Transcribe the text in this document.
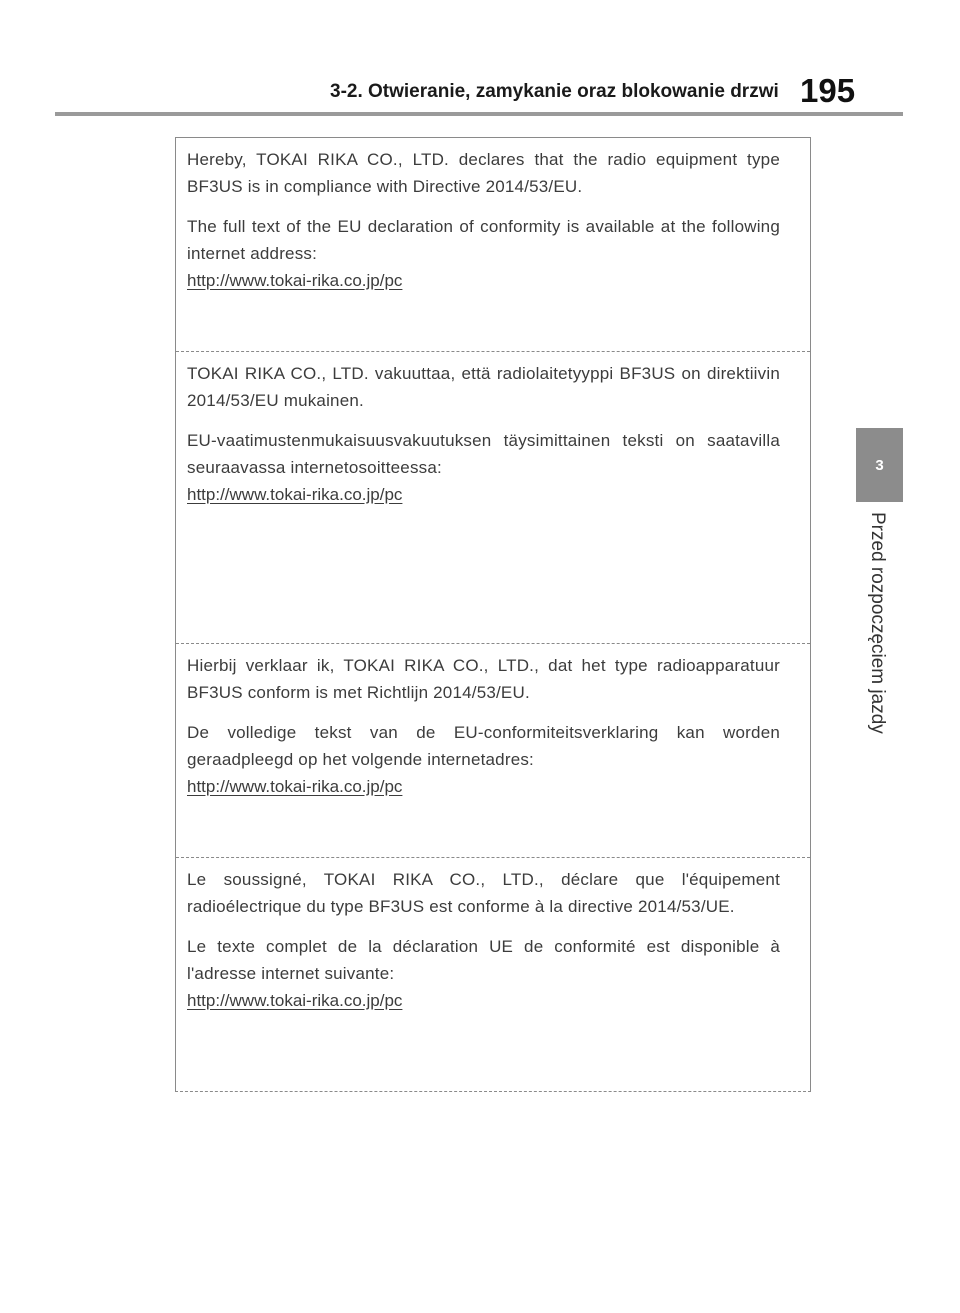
3-2. Otwieranie, zamykanie oraz blokowanie drzwi 195
3
Przed rozpoczęciem jazdy

Hereby, TOKAI RIKA CO., LTD. declares that the radio equipment type BF3US is in compliance with Directive 2014/53/EU.

The full text of the EU declaration of conformity is available at the following internet address:

http://www.tokai-rika.co.jp/pc

TOKAI RIKA CO., LTD. vakuuttaa, että radiolaitetyyppi BF3US on direktiivin 2014/53/EU mukainen.

EU-vaatimustenmukaisuusvakuutuksen täysimittainen teksti on saatavilla seuraavassa internetosoitteessa:

http://www.tokai-rika.co.jp/pc

Hierbij verklaar ik, TOKAI RIKA CO., LTD., dat het type radioapparatuur BF3US conform is met Richtlijn 2014/53/EU.

De volledige tekst van de EU-conformiteitsverklaring kan worden geraadpleegd op het volgende internetadres:

http://www.tokai-rika.co.jp/pc

Le soussigné, TOKAI RIKA CO., LTD., déclare que l'équipement radioélectrique du type BF3US est conforme à la directive 2014/53/UE.

Le texte complet de la déclaration UE de conformité est disponible à l'adresse internet suivante:

http://www.tokai-rika.co.jp/pc
